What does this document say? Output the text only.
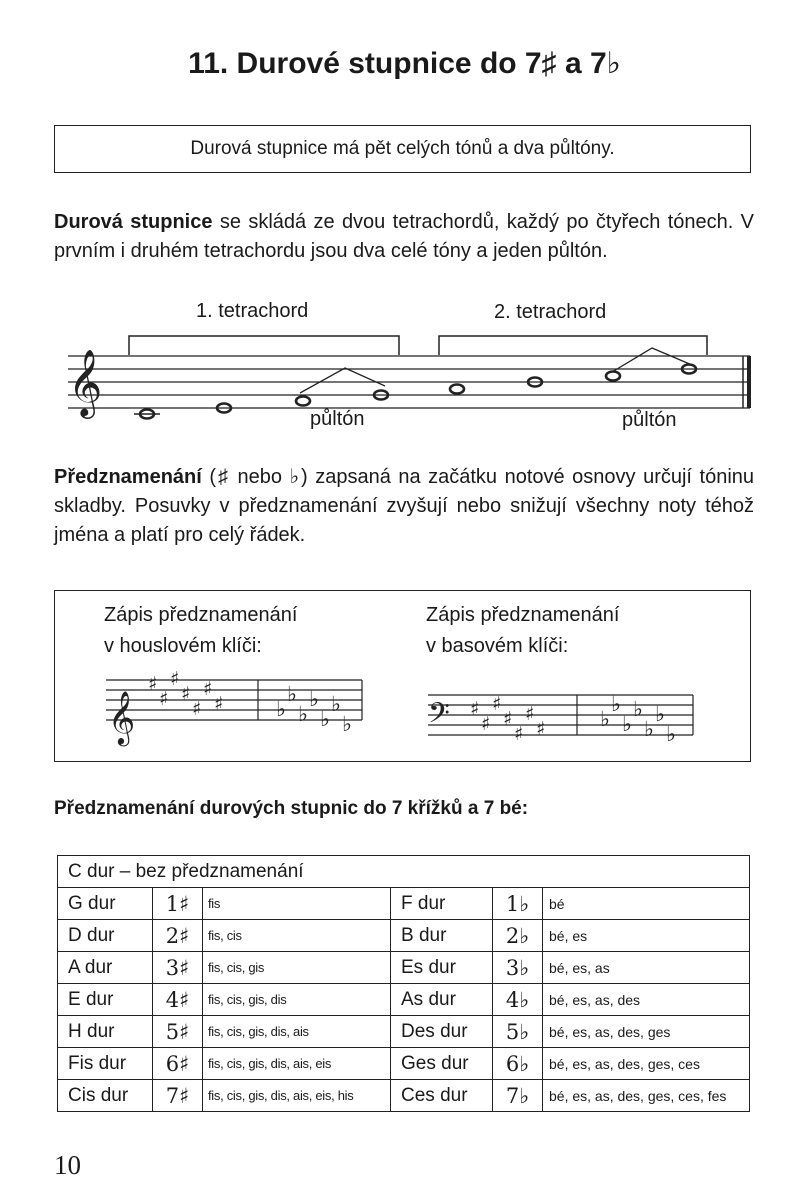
11. Durové stupnice do 7♯ a 7♭
Durová stupnice má pět celých tónů a dva půltóny.
Durová stupnice se skládá ze dvou tetrachordů, každý po čtyřech tónech. V prvním i druhém tetrachordu jsou dva celé tóny a jeden půltón.
1. tetrachord	2. tetrachord
půltón	půltón
𝄞
Předznamenání (♯ nebo ♭) zapsaná na začátku notové osnovy určují tóninu skladby. Posuvky v předznamenání zvyšují nebo snižují všechny noty téhož jména a platí pro celý řádek.
Zápis předznamenání
v houslovém klíči:
Zápis předznamenání
v basovém klíči:
𝄞
♯
♯
♯
♯
♯
♯
♯	♭
♭
♭
♭
♭
♭
♭ 𝄢 ♯
♯
♯
♯
♯
♯
♯	♭
♭
♭
♭
♭
♭
♭
Předznamenání durových stupnic do 7 křížků a 7 bé:
C dur – bez předznamenání					
G dur	1♯	fis	F dur	1♭	bé
D dur	2♯	fis, cis	B dur	2♭	bé, es
A dur	3♯	fis, cis, gis	Es dur	3♭	bé, es, as
E dur	4♯	fis, cis, gis, dis	As dur	4♭	bé, es, as, des
H dur	5♯	fis, cis, gis, dis, ais	Des dur	5♭	bé, es, as, des, ges
Fis dur	6♯	fis, cis, gis, dis, ais, eis	Ges dur	6♭	bé, es, as, des, ges, ces
Cis dur	7♯	fis, cis, gis, dis, ais, eis, his	Ces dur	7♭	bé, es, as, des, ges, ces, fes
10
